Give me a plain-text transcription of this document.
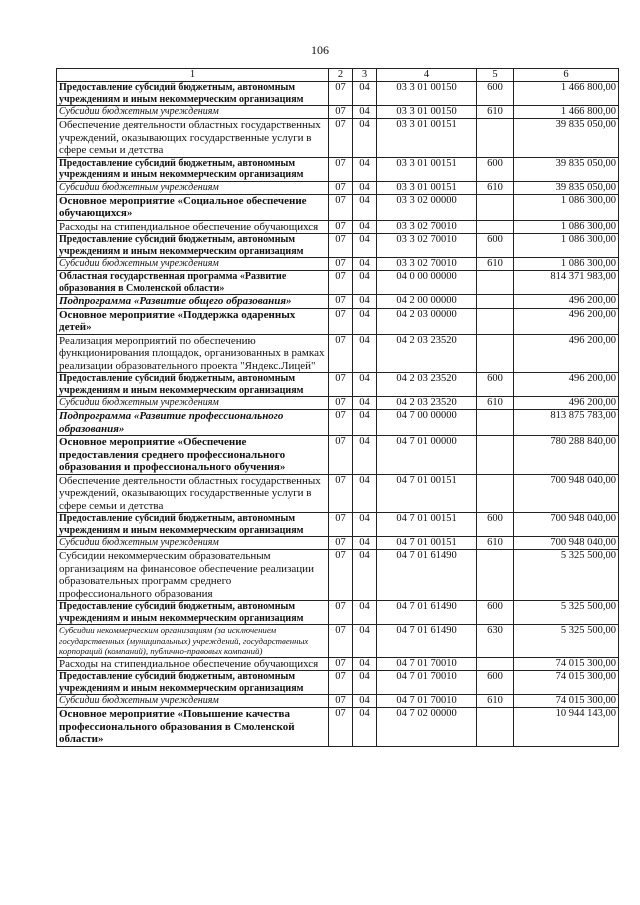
106
1	2	3	4	5	6
Предоставление субсидий бюджетным, автономным учреждениям и иным некоммерческим организациям	07	04	03 3 01 00150	600	1 466 800,00
Субсидии бюджетным учреждениям	07	04	03 3 01 00150	610	1 466 800,00
Обеспечение деятельности областных государственных учреждений, оказывающих государственные услуги в сфере семьи и детства	07	04	03 3 01 00151		39 835 050,00
Предоставление субсидий бюджетным, автономным учреждениям и иным некоммерческим организациям	07	04	03 3 01 00151	600	39 835 050,00
Субсидии бюджетным учреждениям	07	04	03 3 01 00151	610	39 835 050,00
Основное мероприятие «Социальное обеспечение обучающихся»	07	04	03 3 02 00000		1 086 300,00
Расходы на стипендиальное обеспечение обучающихся	07	04	03 3 02 70010		1 086 300,00
Предоставление субсидий бюджетным, автономным учреждениям и иным некоммерческим организациям	07	04	03 3 02 70010	600	1 086 300,00
Субсидии бюджетным учреждениям	07	04	03 3 02 70010	610	1 086 300,00
Областная государственная программа «Развитие образования в Смоленской области»	07	04	04 0 00 00000		814 371 983,00
Подпрограмма «Развитие общего образования»	07	04	04 2 00 00000		496 200,00
Основное мероприятие «Поддержка одаренных детей»	07	04	04 2 03 00000		496 200,00
Реализация мероприятий по обеспечению функционирования площадок, организованных в рамках реализации образовательного проекта "Яндекс.Лицей"	07	04	04 2 03 23520		496 200,00
Предоставление субсидий бюджетным, автономным учреждениям и иным некоммерческим организациям	07	04	04 2 03 23520	600	496 200,00
Субсидии бюджетным учреждениям	07	04	04 2 03 23520	610	496 200,00
Подпрограмма «Развитие профессионального образования»	07	04	04 7 00 00000		813 875 783,00
Основное мероприятие «Обеспечение предоставления среднего профессионального образования и профессионального обучения»	07	04	04 7 01 00000		780 288 840,00
Обеспечение деятельности областных государственных учреждений, оказывающих государственные услуги в сфере семьи и детства	07	04	04 7 01 00151		700 948 040,00
Предоставление субсидий бюджетным, автономным учреждениям и иным некоммерческим организациям	07	04	04 7 01 00151	600	700 948 040,00
Субсидии бюджетным учреждениям	07	04	04 7 01 00151	610	700 948 040,00
Субсидии некоммерческим образовательным организациям на финансовое обеспечение реализации образовательных программ среднего профессионального образования	07	04	04 7 01 61490		5 325 500,00
Предоставление субсидий бюджетным, автономным учреждениям и иным некоммерческим организациям	07	04	04 7 01 61490	600	5 325 500,00
Субсидии некоммерческим организациям (за исключением государственных (муниципальных) учреждений, государственных корпораций (компаний), публично-правовых компаний)	07	04	04 7 01 61490	630	5 325 500,00
Расходы на стипендиальное обеспечение обучающихся	07	04	04 7 01 70010		74 015 300,00
Предоставление субсидий бюджетным, автономным учреждениям и иным некоммерческим организациям	07	04	04 7 01 70010	600	74 015 300,00
Субсидии бюджетным учреждениям	07	04	04 7 01 70010	610	74 015 300,00
Основное мероприятие «Повышение качества профессионального образования в Смоленской области»	07	04	04 7 02 00000		10 944 143,00
